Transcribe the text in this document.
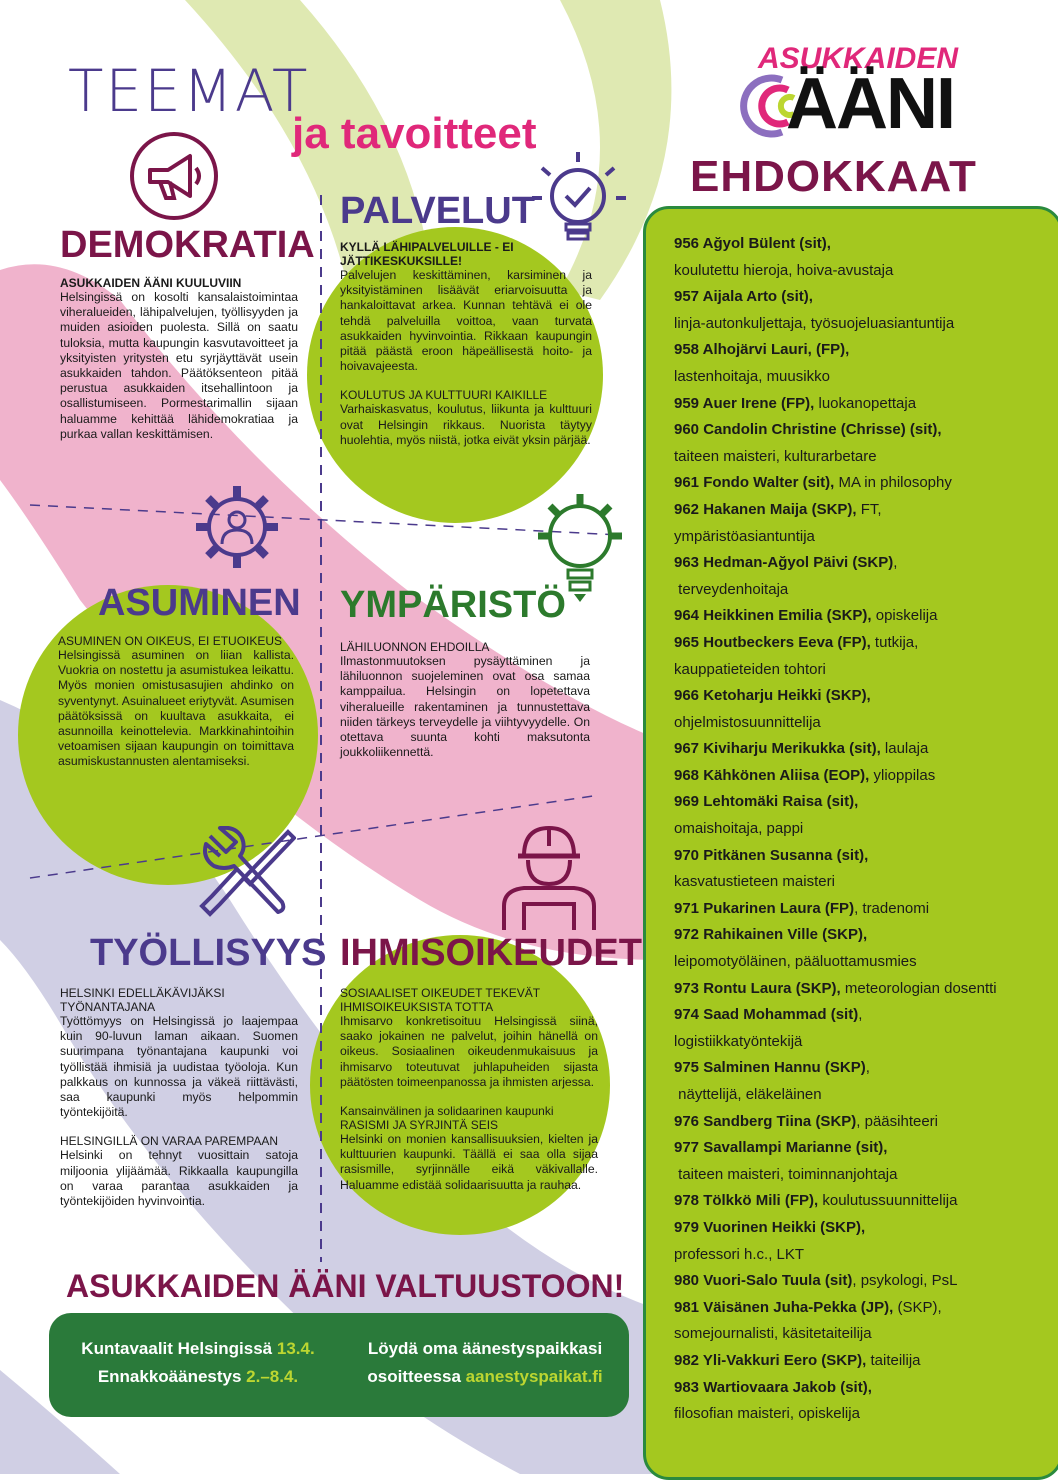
TEEMAT
ja tavoitteet
ASUKKAIDEN
ÄÄNI
EHDOKKAAT
DEMOKRATIA
ASUKKAIDEN ÄÄNI KUULUVIIN
Helsingissä on kosolti kansalaistoimintaa viheralueiden, lähipalvelujen, työllisyyden ja muiden asioiden puolesta. Sillä on saatu tuloksia, mutta kaupungin kasvutavoitteet ja yksityisten yritysten etu syrjäyttävät usein asukkaiden tahdon. Päätöksenteon pitää perustua asukkaiden itsehallintoon ja osallistumiseen. Pormestarimallin sijaan haluamme kehittää lähidemokratiaa ja purkaa vallan keskittämisen.
PALVELUT
KYLLÄ LÄHIPALVELUILLE - EI JÄTTIKESKUKSILLE!
Palvelujen keskittäminen, karsiminen ja yksityistäminen lisäävät eriarvoisuutta ja hankaloittavat arkea. Kunnan tehtävä ei ole tehdä palveluilla voittoa, vaan turvata asukkaiden hyvinvointia. Rikkaan kaupungin pitää päästä eroon häpeällisestä hoito- ja hoivavajeesta.
KOULUTUS JA KULTTUURI KAIKILLE
Varhaiskasvatus, koulutus, liikunta ja kulttuuri ovat Helsingin rikkaus. Nuorista täytyy huolehtia, myös niistä, jotka eivät yksin pärjää.
ASUMINEN
ASUMINEN ON OIKEUS, EI ETUOIKEUS
Helsingissä asuminen on liian kallista. Vuokria on nostettu ja asumistukea leikattu. Myös monien omistusasujien ahdinko on syventynyt. Asuinalueet eriytyvät. Asumisen päätöksissä on kuultava asukkaita, ei asunnoilla keinottelevia. Markkinahintoihin vetoamisen sijaan kaupungin on toimittava asumiskustannusten alentamiseksi.
YMPÄRISTÖ
LÄHILUONNON EHDOILLA
Ilmastonmuutoksen pysäyttäminen ja lähiluonnon suojeleminen ovat osa samaa kamppailua. Helsingin on lopetettava viheralueille rakentaminen ja tunnustettava niiden tärkeys terveydelle ja viihtyvyydelle. On otettava suunta kohti maksutonta joukkoliikennettä.
TYÖLLISYYS
HELSINKI EDELLÄKÄVIJÄKSI TYÖNANTAJANA
Työttömyys on Helsingissä jo laajempaa kuin 90-luvun laman aikaan. Suomen suurimpana työnantajana kaupunki voi työllistää ihmisiä ja uudistaa työoloja. Kun palkkaus on kunnossa ja väkeä riittävästi, saa kaupunki myös helpommin työntekijöitä.
HELSINGILLÄ ON VARAA PAREMPAAN
Helsinki on tehnyt vuosittain satoja miljoonia ylijäämää. Rikkaalla kaupungilla on varaa parantaa asukkaiden ja työntekijöiden hyvinvointia.
IHMISOIKEUDET
SOSIAALISET OIKEUDET TEKEVÄT IHMISOIKEUKSISTA TOTTA
Ihmisarvo konkretisoituu Helsingissä siinä, saako jokainen ne palvelut, joihin hänellä on oikeus. Sosiaalinen oikeudenmukaisuus ja ihmisarvo toteutuvat juhlapuheiden sijasta päätösten toimeenpanossa ja ihmisten arjessa.
Kansainvälinen ja solidaarinen kaupunki
RASISMI JA SYRJINTÄ SEIS
Helsinki on monien kansallisuuksien, kielten ja kulttuurien kaupunki. Täällä ei saa olla sijaa rasismille, syrjinnälle eikä väkivallalle. Haluamme edistää solidaarisuutta ja rauhaa.
ASUKKAIDEN ÄÄNI VALTUUSTOON!
Kuntavaalit Helsingissä 13.4.
Ennakkoäänestys 2.–8.4.
Löydä oma äänestyspaikkasi
osoitteessa aanestyspaikat.fi
956 Ağyol Bülent (sit),
koulutettu hieroja, hoiva-avustaja
957 Aijala Arto (sit),
linja-autonkuljettaja, työsuojeluasiantuntija
958 Alhojärvi Lauri, (FP),
lastenhoitaja, muusikko
959 Auer Irene (FP), luokanopettaja
960 Candolin Christine (Chrisse) (sit),
taiteen maisteri, kulturarbetare
961 Fondo Walter (sit), MA in philosophy
962 Hakanen Maija (SKP), FT,
ympäristöasiantuntija
963 Hedman-Ağyol Päivi (SKP),
terveydenhoitaja
964 Heikkinen Emilia (SKP), opiskelija
965 Houtbeckers Eeva (FP), tutkija,
kauppatieteiden tohtori
966 Ketoharju Heikki (SKP),
ohjelmistosuunnittelija
967 Kiviharju Merikukka (sit), laulaja
968 Kähkönen Aliisa (EOP), ylioppilas
969 Lehtomäki Raisa (sit),
omaishoitaja, pappi
970 Pitkänen Susanna (sit),
kasvatustieteen maisteri
971 Pukarinen Laura (FP), tradenomi
972 Rahikainen Ville (SKP),
leipomotyöläinen, pääluottamusmies
973 Rontu Laura (SKP), meteorologian dosentti
974 Saad Mohammad (sit),
logistiikkatyöntekijä
975 Salminen Hannu (SKP),
näyttelijä, eläkeläinen
976 Sandberg Tiina (SKP), pääsihteeri
977 Savallampi Marianne (sit),
taiteen maisteri, toiminnanjohtaja
978 Tölkkö Mili (FP), koulutussuunnittelija
979 Vuorinen Heikki (SKP),
professori h.c., LKT
980 Vuori-Salo Tuula (sit), psykologi, PsL
981 Väisänen Juha-Pekka (JP), (SKP),
somejournalisti, käsitetaiteilija
982 Yli-Vakkuri Eero (SKP), taiteilija
983 Wartiovaara Jakob (sit),
filosofian maisteri, opiskelija
